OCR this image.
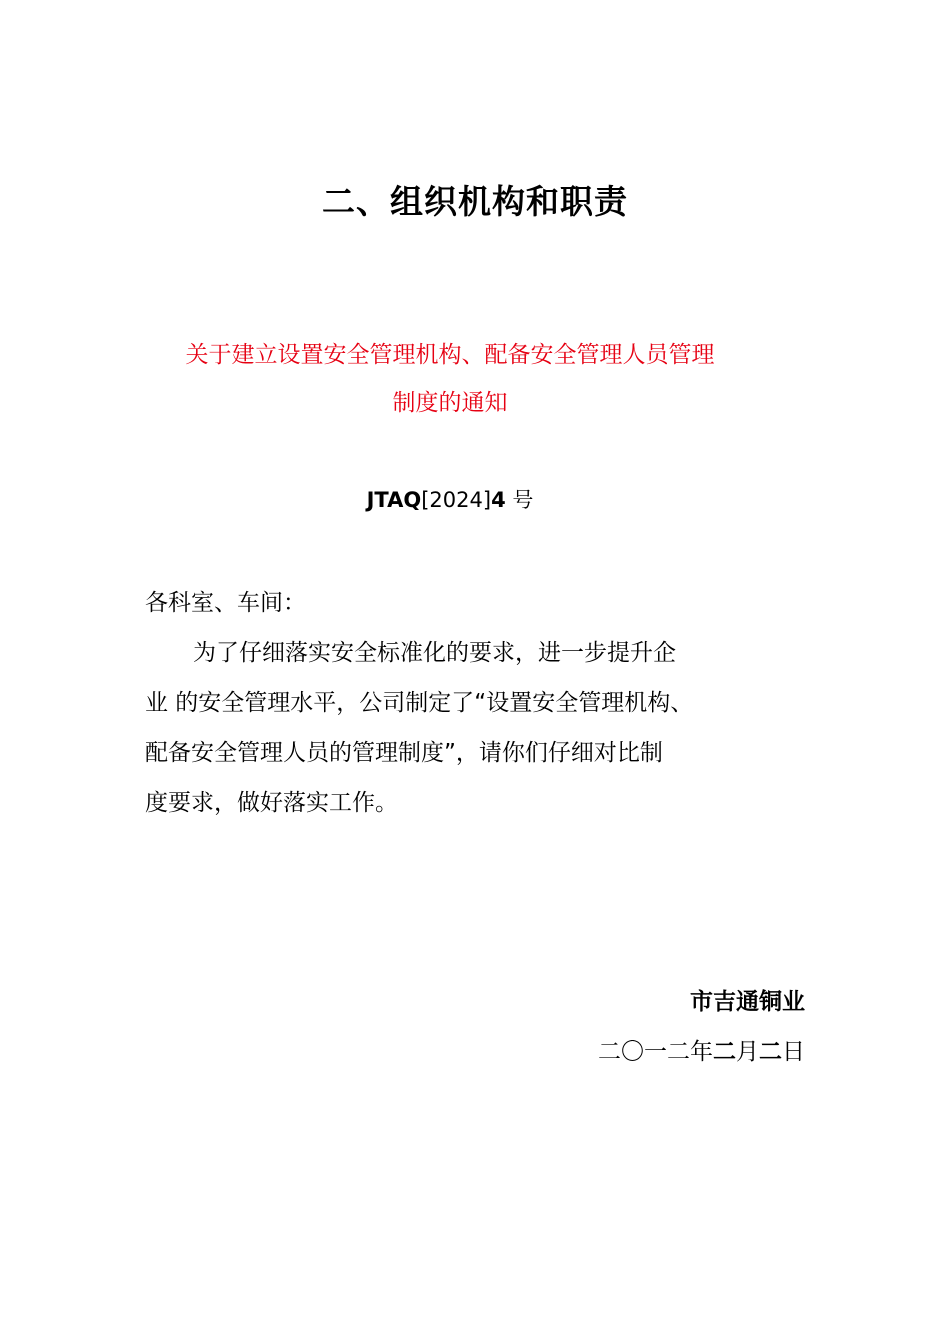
二、组织机构和职责
关于建立设置安全管理机构、配备安全管理人员管理
制度的通知
JTAQ[2024]4 号
各科室、车间：
为了仔细落实安全标准化的要求，进一步提升企
业 的安全管理水平，公司制定了“设置安全管理机构、
配备安全管理人员的管理制度”，请你们仔细对比制
度要求，做好落实工作。
市吉通铜业
二〇一二年二月二日
